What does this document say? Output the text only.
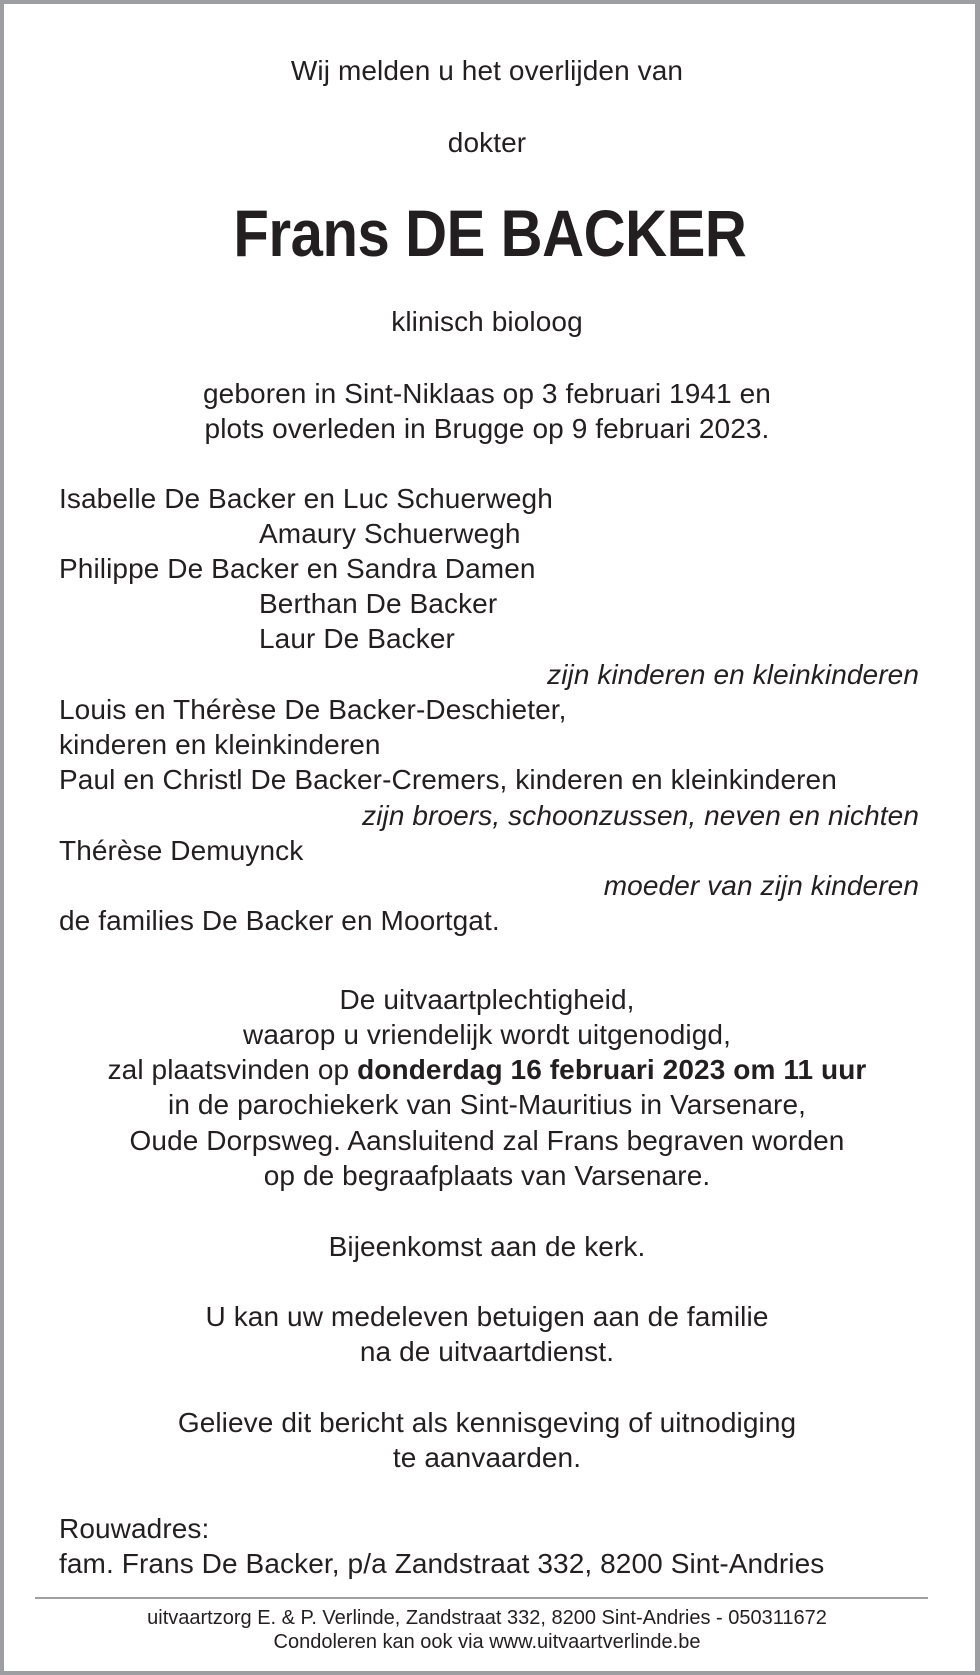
Wij melden u het overlijden van
dokter
Frans DE BACKER
klinisch bioloog
geboren in Sint-Niklaas op 3 februari 1941 en
plots overleden in Brugge op 9 februari 2023.
Isabelle De Backer en Luc Schuerwegh
Amaury Schuerwegh
Philippe De Backer en Sandra Damen
Berthan De Backer
Laur De Backer
zijn kinderen en kleinkinderen
Louis en Thérèse De Backer-Deschieter,
kinderen en kleinkinderen
Paul en Christl De Backer-Cremers, kinderen en kleinkinderen
zijn broers, schoonzussen, neven en nichten
Thérèse Demuynck
moeder van zijn kinderen
de families De Backer en Moortgat.
De uitvaartplechtigheid,
waarop u vriendelijk wordt uitgenodigd,
zal plaatsvinden op donderdag 16 februari 2023 om 11 uur
in de parochiekerk van Sint-Mauritius in Varsenare,
Oude Dorpsweg. Aansluitend zal Frans begraven worden
op de begraafplaats van Varsenare.
Bijeenkomst aan de kerk.
U kan uw medeleven betuigen aan de familie
na de uitvaartdienst.
Gelieve dit bericht als kennisgeving of uitnodiging
te aanvaarden.
Rouwadres:
fam. Frans De Backer, p/a Zandstraat 332, 8200 Sint-Andries
uitvaartzorg E. & P. Verlinde, Zandstraat 332, 8200 Sint-Andries - 050311672
Condoleren kan ook via www.uitvaartverlinde.be
